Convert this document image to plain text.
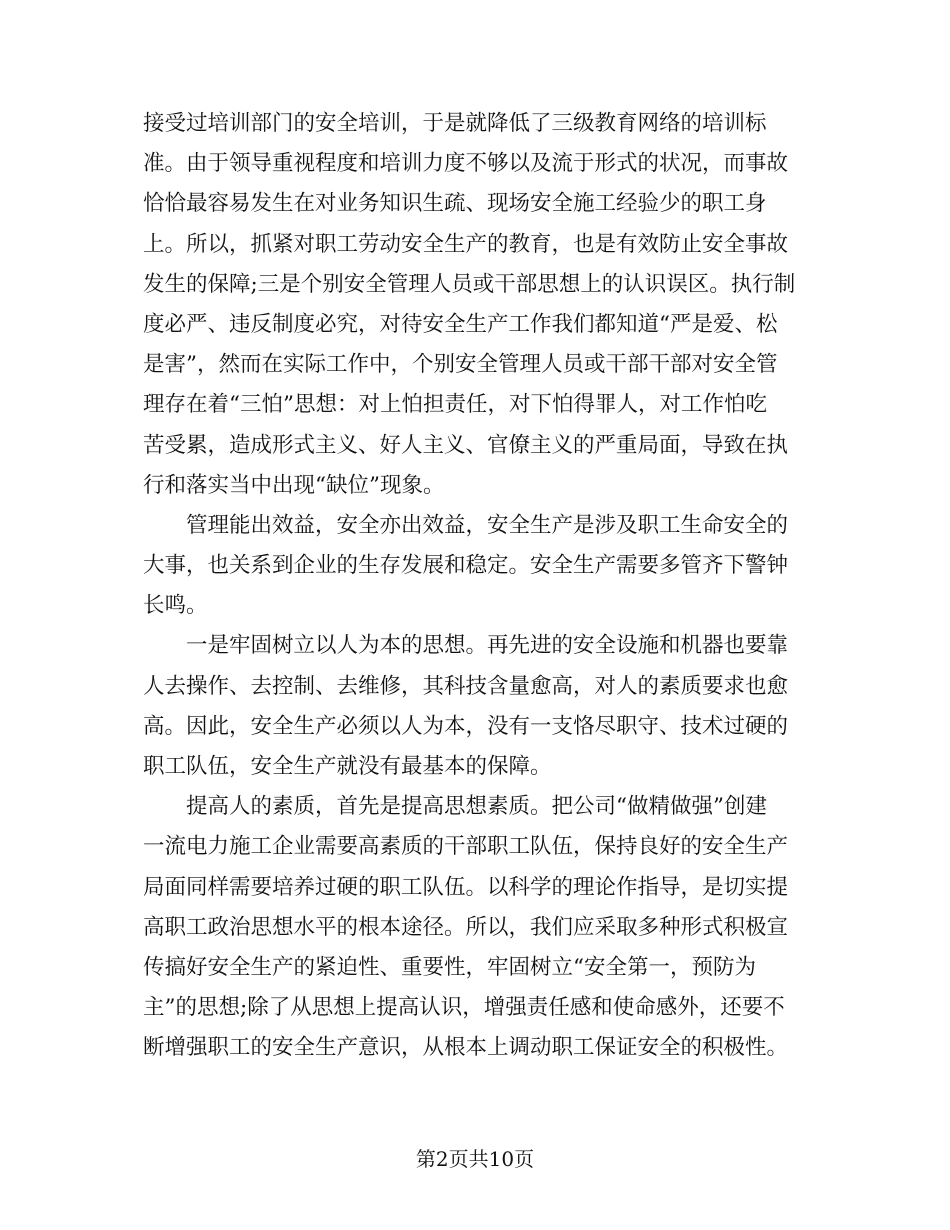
接受过培训部门的安全培训，于是就降低了三级教育网络的培训标
准。由于领导重视程度和培训力度不够以及流于形式的状况，而事故
恰恰最容易发生在对业务知识生疏、现场安全施工经验少的职工身
上。所以，抓紧对职工劳动安全生产的教育，也是有效防止安全事故
发生的保障;三是个别安全管理人员或干部思想上的认识误区。执行制
度必严、违反制度必究，对待安全生产工作我们都知道“严是爱、松
是害”，然而在实际工作中，个别安全管理人员或干部干部对安全管
理存在着“三怕”思想：对上怕担责任，对下怕得罪人，对工作怕吃
苦受累，造成形式主义、好人主义、官僚主义的严重局面，导致在执
行和落实当中出现“缺位”现象。
管理能出效益，安全亦出效益，安全生产是涉及职工生命安全的
大事，也关系到企业的生存发展和稳定。安全生产需要多管齐下警钟
长鸣。
一是牢固树立以人为本的思想。再先进的安全设施和机器也要靠
人去操作、去控制、去维修，其科技含量愈高，对人的素质要求也愈
高。因此，安全生产必须以人为本，没有一支恪尽职守、技术过硬的
职工队伍，安全生产就没有最基本的保障。
提高人的素质，首先是提高思想素质。把公司“做精做强”创建
一流电力施工企业需要高素质的干部职工队伍，保持良好的安全生产
局面同样需要培养过硬的职工队伍。以科学的理论作指导，是切实提
高职工政治思想水平的根本途径。所以，我们应采取多种形式积极宣
传搞好安全生产的紧迫性、重要性，牢固树立“安全第一，预防为
主”的思想;除了从思想上提高认识，增强责任感和使命感外，还要不
断增强职工的安全生产意识，从根本上调动职工保证安全的积极性。
第2页共10页
